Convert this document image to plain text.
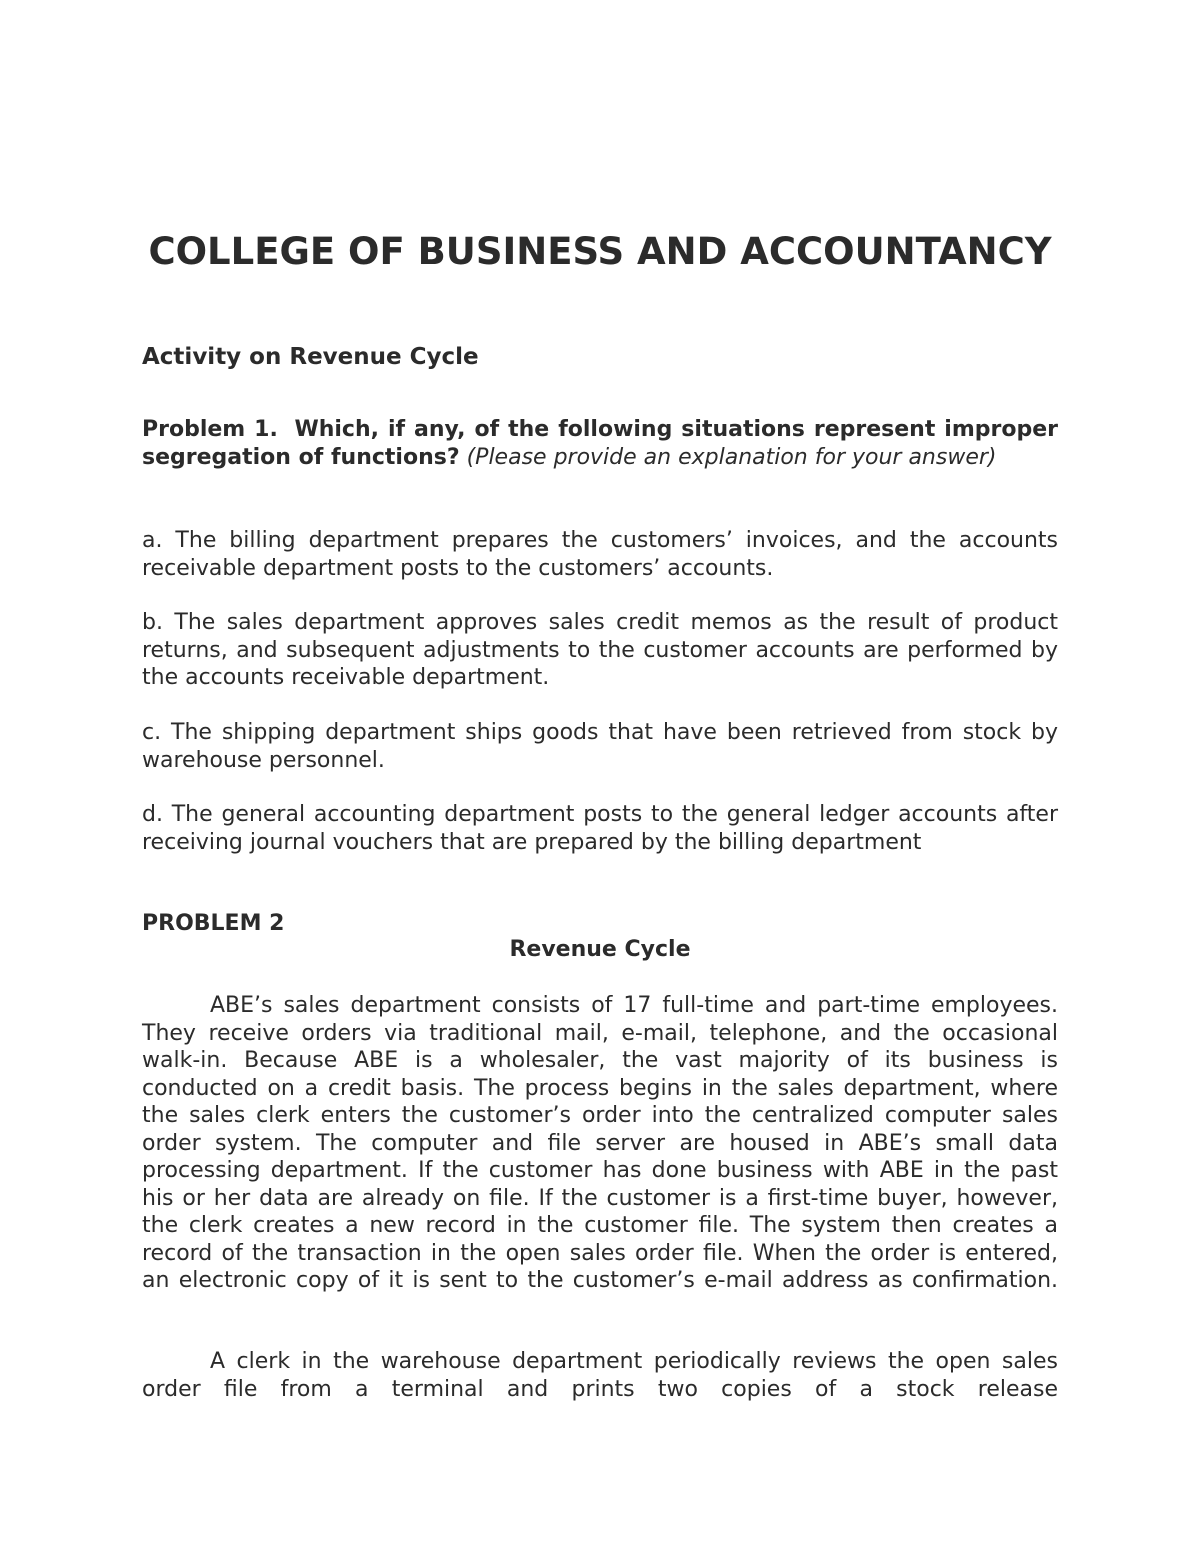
COLLEGE OF BUSINESS AND ACCOUNTANCY
Activity on Revenue Cycle

Problem 1. Which, if any, of the following situations represent improper segregation of functions? (Please provide an explanation for your answer)

a. The billing department prepares the customers’ invoices, and the accounts receivable department posts to the customers’ accounts.

b. The sales department approves sales credit memos as the result of product returns, and subsequent adjustments to the customer accounts are performed by the accounts receivable department.

c. The shipping department ships goods that have been retrieved from stock by warehouse personnel.

d. The general accounting department posts to the general ledger accounts after receiving journal vouchers that are prepared by the billing department

PROBLEM 2

Revenue Cycle

ABE’s sales department consists of 17 full-time and part-time employees. They receive orders via traditional mail, e-mail, telephone, and the occasional walk-in. Because ABE is a wholesaler, the vast majority of its business is conducted on a credit basis. The process begins in the sales department, where the sales clerk enters the customer’s order into the centralized computer sales order system. The computer and file server are housed in ABE’s small data processing department. If the customer has done business with ABE in the past his or her data are already on file. If the customer is a first-time buyer, however, the clerk creates a new record in the customer file. The system then creates a record of the transaction in the open sales order file. When the order is entered, an electronic copy of it is sent to the customer’s e-mail address as confirmation.

A clerk in the warehouse department periodically reviews the open sales order file from a terminal and prints two copies of a stock release
